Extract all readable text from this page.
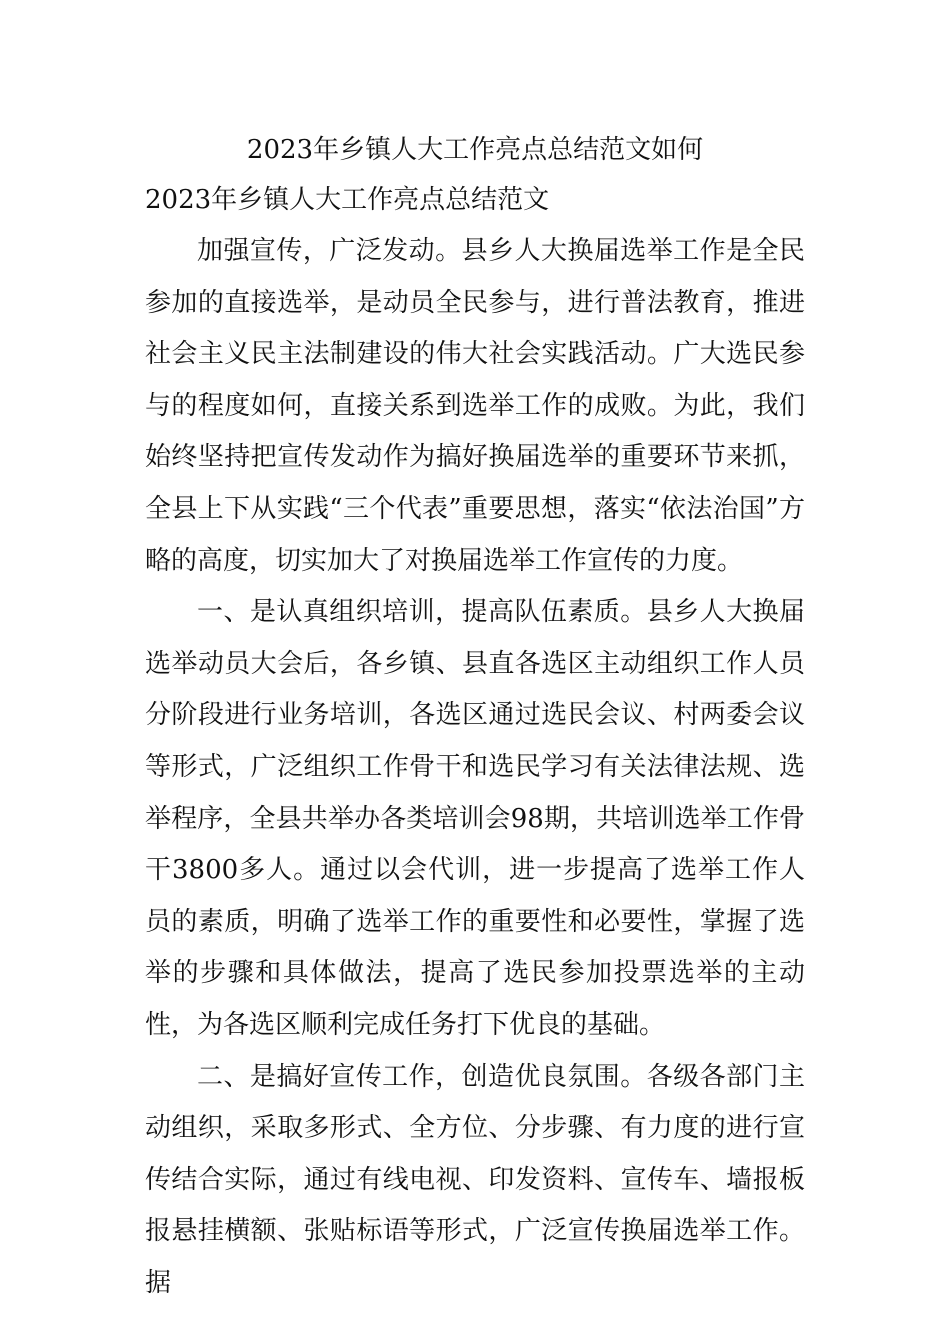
2023年乡镇人大工作亮点总结范文如何
2023年乡镇人大工作亮点总结范文

加强宣传，广泛发动。县乡人大换届选举工作是全民参加的直接选举，是动员全民参与，进行普法教育，推进社会主义民主法制建设的伟大社会实践活动。广大选民参与的程度如何，直接关系到选举工作的成败。为此，我们始终坚持把宣传发动作为搞好换届选举的重要环节来抓，全县上下从实践“三个代表”重要思想，落实“依法治国”方略的高度，切实加大了对换届选举工作宣传的力度。

一、是认真组织培训，提高队伍素质。县乡人大换届选举动员大会后，各乡镇、县直各选区主动组织工作人员分阶段进行业务培训，各选区通过选民会议、村两委会议等形式，广泛组织工作骨干和选民学习有关法律法规、选举程序，全县共举办各类培训会98期，共培训选举工作骨干3800多人。通过以会代训，进一步提高了选举工作人员的素质，明确了选举工作的重要性和必要性，掌握了选举的步骤和具体做法，提高了选民参加投票选举的主动性，为各选区顺利完成任务打下优良的基础。

二、是搞好宣传工作，创造优良氛围。各级各部门主动组织，采取多形式、全方位、分步骤、有力度的进行宣传结合实际，通过有线电视、印发资料、宣传车、墙报板报悬挂横额、张贴标语等形式，广泛宣传换届选举工作。据
